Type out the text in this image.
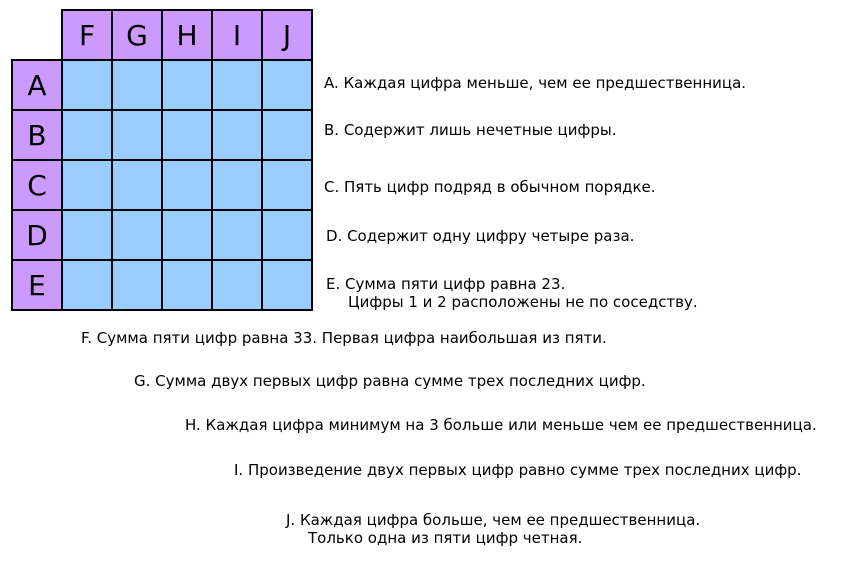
F	G	H	I	J
A
B
C
D
E
A. Каждая цифра меньше, чем ее предшественница.
B. Содержит лишь нечетные цифры.
C. Пять цифр подряд в обычном порядке.
D. Содержит одну цифру четыре раза.
E. Сумма пяти цифр равна 23.
Цифры 1 и 2 расположены не по соседству.
F. Сумма пяти цифр равна 33. Первая цифра наибольшая из пяти.
G. Сумма двух первых цифр равна сумме трех последних цифр.
H. Каждая цифра минимум на 3 больше или меньше чем ее предшественница.
I. Произведение двух первых цифр равно сумме трех последних цифр.
J. Каждая цифра больше, чем ее предшественница.
Только одна из пяти цифр четная.
